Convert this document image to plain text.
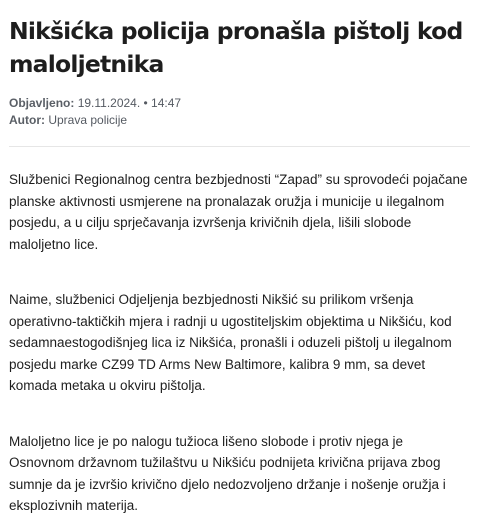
Nikšićka policija pronašla pištolj kod maloljetnika
Objavljeno: 19.11.2024. • 14:47
Autor: Uprava policije

Službenici Regionalnog centra bezbjednosti “Zapad” su sprovodeći pojačane planske aktivnosti usmjerene na pronalazak oružja i municije u ilegalnom posjedu, a u cilju sprječavanja izvršenja krivičnih djela, lišili slobode maloljetno lice.

Naime, službenici Odjeljenja bezbjednosti Nikšić su prilikom vršenja operativno-taktičkih mjera i radnji u ugostiteljskim objektima u Nikšiću, kod sedamnaestogodišnjeg lica iz Nikšića, pronašli i oduzeli pištolj u ilegalnom posjedu marke CZ99 TD Arms New Baltimore, kalibra 9 mm, sa devet komada metaka u okviru pištolja.

Maloljetno lice je po nalogu tužioca lišeno slobode i protiv njega je Osnovnom državnom tužilaštvu u Nikšiću podnijeta krivična prijava zbog sumnje da je izvršio krivično djelo nedozvoljeno držanje i nošenje oružja i eksplozivnih materija.
